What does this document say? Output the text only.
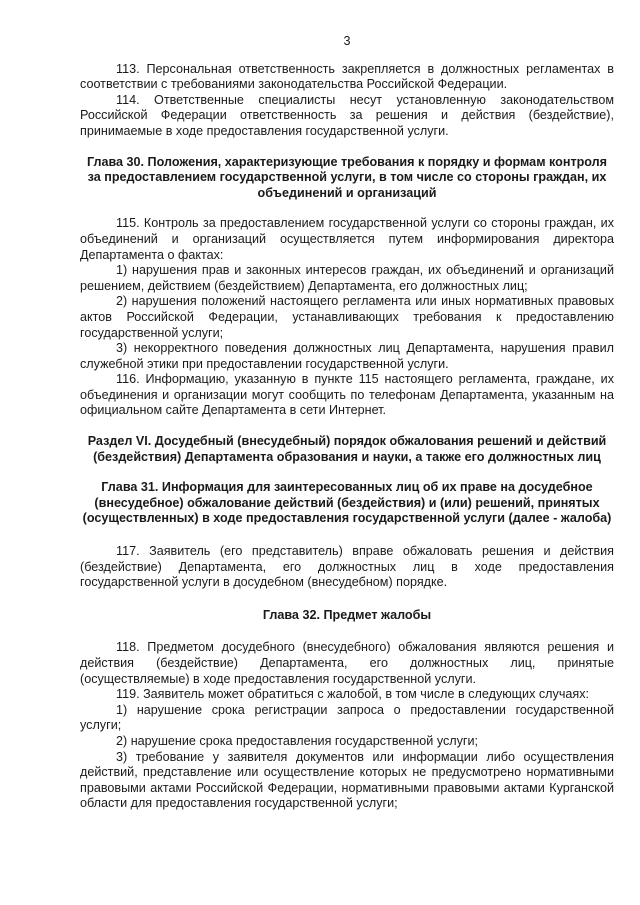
3

113. Персональная ответственность закрепляется в должностных регламентах в соответствии с требованиями законодательства Российской Федерации.

114. Ответственные специалисты несут установленную законодательством Российской Федерации ответственность за решения и действия (бездействие), принимаемые в ходе предоставления государственной услуги.

Глава 30. Положения, характеризующие требования к порядку и формам контроля за предоставлением государственной услуги, в том числе со стороны граждан, их объединений и организаций

115. Контроль за предоставлением государственной услуги со стороны граждан, их объединений и организаций осуществляется путем информирования директора Департамента о фактах:

1) нарушения прав и законных интересов граждан, их объединений и организаций решением, действием (бездействием) Департамента, его должностных лиц;

2) нарушения положений настоящего регламента или иных нормативных правовых актов Российской Федерации, устанавливающих требования к предоставлению государственной услуги;

3) некорректного поведения должностных лиц Департамента, нарушения правил служебной этики при предоставлении государственной услуги.

116. Информацию, указанную в пункте 115 настоящего регламента, граждане, их объединения и организации могут сообщить по телефонам Департамента, указанным на официальном сайте Департамента в сети Интернет.

Раздел VI. Досудебный (внесудебный) порядок обжалования решений и действий (бездействия) Департамента образования и науки, а также его должностных лиц

Глава 31. Информация для заинтересованных лиц об их праве на досудебное (внесудебное) обжалование действий (бездействия) и (или) решений, принятых (осуществленных) в ходе предоставления государственной услуги (далее - жалоба)

117. Заявитель (его представитель) вправе обжаловать решения и действия (бездействие) Департамента, его должностных лиц в ходе предоставления государственной услуги в досудебном (внесудебном) порядке.

Глава 32. Предмет жалобы

118. Предметом досудебного (внесудебного) обжалования являются решения и действия (бездействие) Департамента, его должностных лиц, принятые (осуществляемые) в ходе предоставления государственной услуги.

119. Заявитель может обратиться с жалобой, в том числе в следующих случаях:

1) нарушение срока регистрации запроса о предоставлении государственной услуги;

2) нарушение срока предоставления государственной услуги;

3) требование у заявителя документов или информации либо осуществления действий, представление или осуществление которых не предусмотрено нормативными правовыми актами Российской Федерации, нормативными правовыми актами Курганской области для предоставления государственной услуги;
